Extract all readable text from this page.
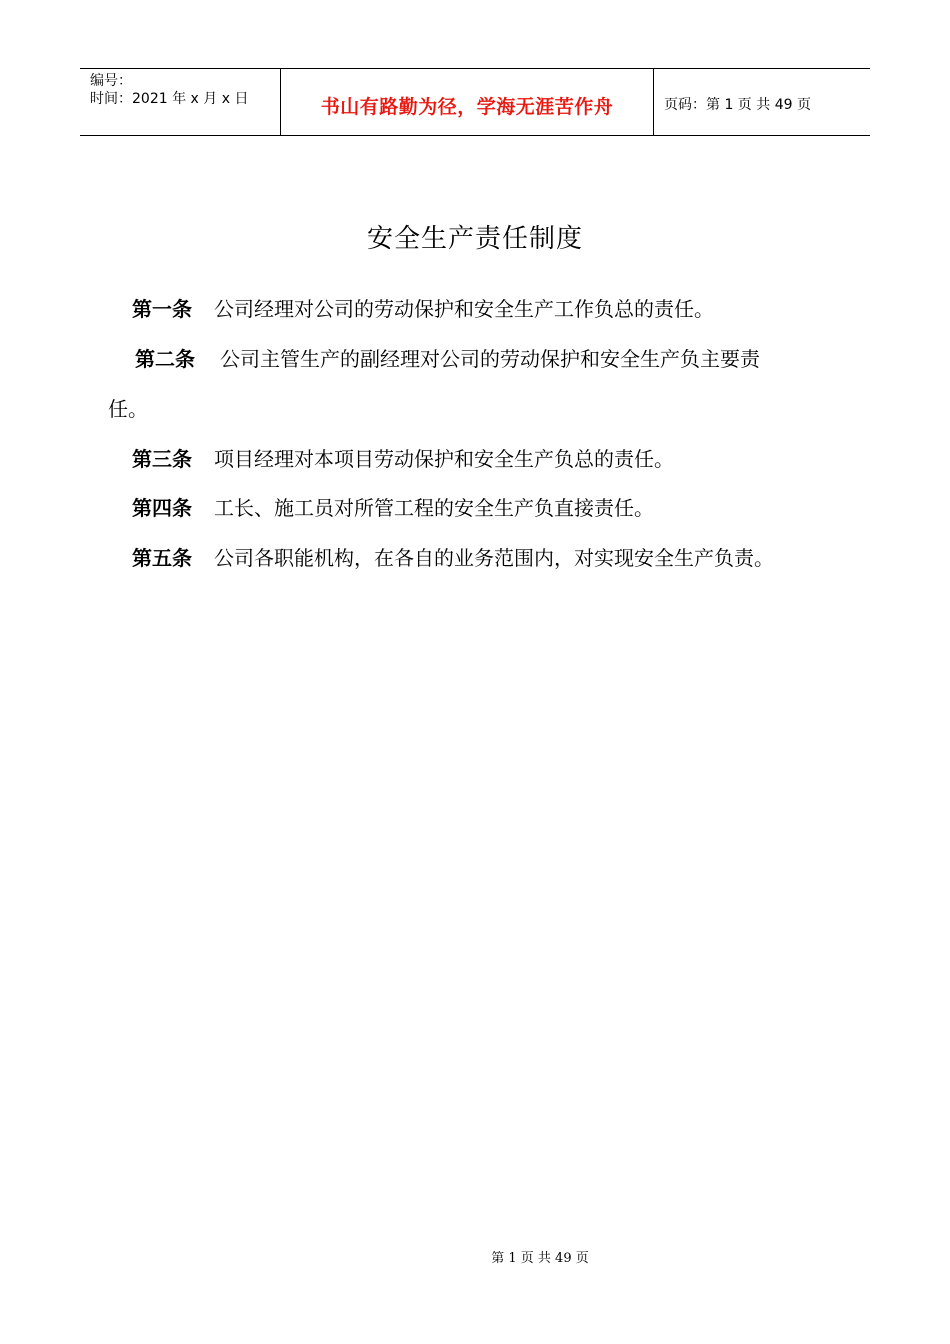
编号：
时间：2021 年 x 月 x 日	书山有路勤为径，学海无涯苦作舟	页码：第 1 页 共 49 页
安全生产责任制度
第一条 公司经理对公司的劳动保护和安全生产工作负总的责任。
第二条 公司主管生产的副经理对公司的劳动保护和安全生产负主要责
任。
第三条 项目经理对本项目劳动保护和安全生产负总的责任。
第四条 工长、施工员对所管工程的安全生产负直接责任。
第五条 公司各职能机构，在各自的业务范围内，对实现安全生产负责。
第 1 页 共 49 页
